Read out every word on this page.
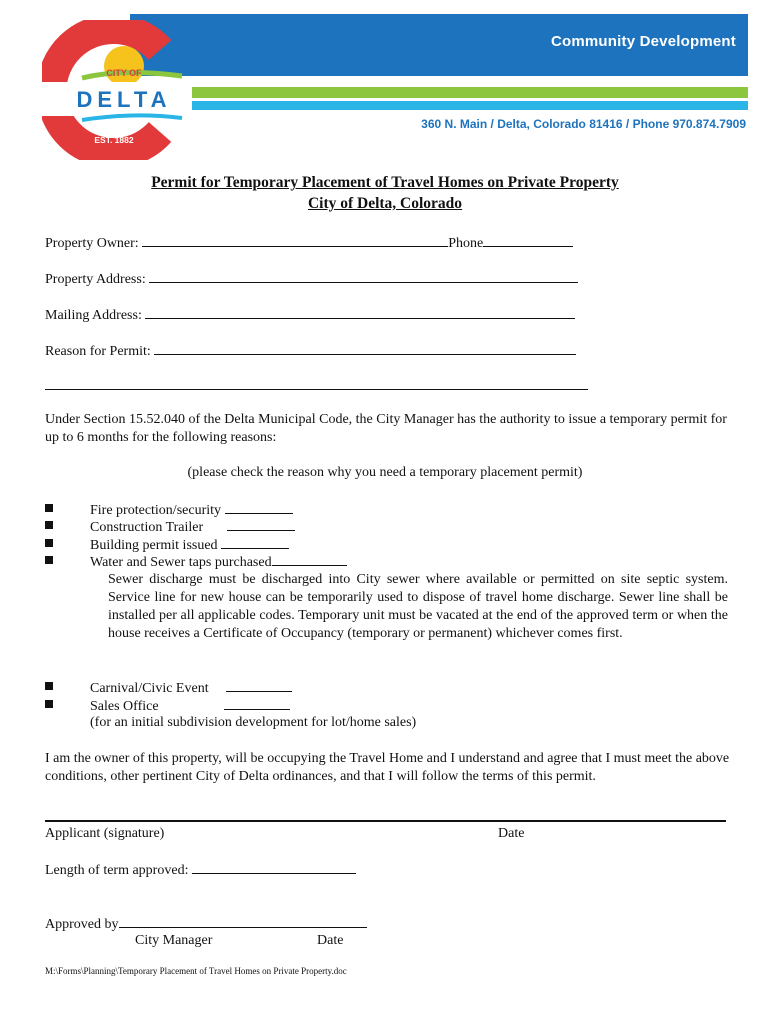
Community Development
360 N. Main / Delta, Colorado 81416 / Phone 970.874.7909
CITY OF
DELTA
EST. 1882
Permit for Temporary Placement of Travel Homes on Private Property
City of Delta, Colorado
Property Owner:	Phone
Property Address:
Mailing Address:
Reason for Permit:
Under Section 15.52.040 of the Delta Municipal Code, the City Manager has the authority to issue a temporary permit for up to 6 months for the following reasons:
(please check the reason why you need a temporary placement permit)
Fire protection/security
Construction Trailer
Building permit issued
Water and Sewer taps purchased
Sewer discharge must be discharged into City sewer where available or permitted on site septic system. Service line for new house can be temporarily used to dispose of travel home discharge. Sewer line shall be installed per all applicable codes. Temporary unit must be vacated at the end of the approved term or when the house receives a Certificate of Occupancy (temporary or permanent) whichever comes first.
Carnival/Civic Event
Sales Office
(for an initial subdivision development for lot/home sales)
I am the owner of this property, will be occupying the Travel Home and I understand and agree that I must meet the above conditions, other pertinent City of Delta ordinances, and that I will follow the terms of this permit.
Applicant (signature)	Date
Length of term approved:
Approved by
City Manager	Date
M:\Forms\Planning\Temporary Placement of Travel Homes on Private Property.doc
